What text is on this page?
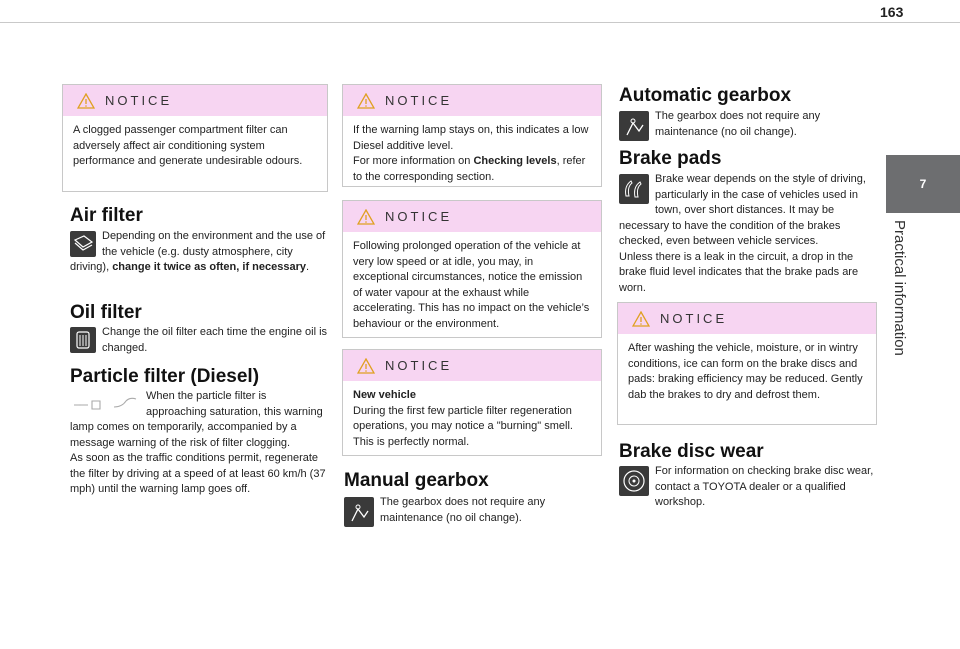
163
7
Practical information
NOTICE
A clogged passenger compartment filter can adversely affect air conditioning system performance and generate undesirable odours.
Air filter
Depending on the environment and the use of the vehicle (e.g. dusty atmosphere, city driving), change it twice as often, if necessary.
Oil filter
Change the oil filter each time the engine oil is changed.
Particle filter (Diesel)
When the particle filter is approaching saturation, this warning lamp comes on temporarily, accompanied by a message warning of the risk of filter clogging.
As soon as the traffic conditions permit, regenerate the filter by driving at a speed of at least 60 km/h (37 mph) until the warning lamp goes off.
NOTICE
If the warning lamp stays on, this indicates a low Diesel additive level.
For more information on Checking levels, refer to the corresponding section.
NOTICE
Following prolonged operation of the vehicle at very low speed or at idle, you may, in exceptional circumstances, notice the emission of water vapour at the exhaust while accelerating. This has no impact on the vehicle’s behaviour or the environment.
NOTICE
New vehicle
During the first few particle filter regeneration operations, you may notice a "burning" smell. This is perfectly normal.
Manual gearbox
The gearbox does not require any maintenance (no oil change).
Automatic gearbox
The gearbox does not require any maintenance (no oil change).
Brake pads
Brake wear depends on the style of driving, particularly in the case of vehicles used in town, over short distances. It may be necessary to have the condition of the brakes checked, even between vehicle services.
Unless there is a leak in the circuit, a drop in the brake fluid level indicates that the brake pads are worn.
NOTICE
After washing the vehicle, moisture, or in wintry conditions, ice can form on the brake discs and pads: braking efficiency may be reduced. Gently dab the brakes to dry and defrost them.
Brake disc wear
For information on checking brake disc wear, contact a TOYOTA dealer or a qualified workshop.
